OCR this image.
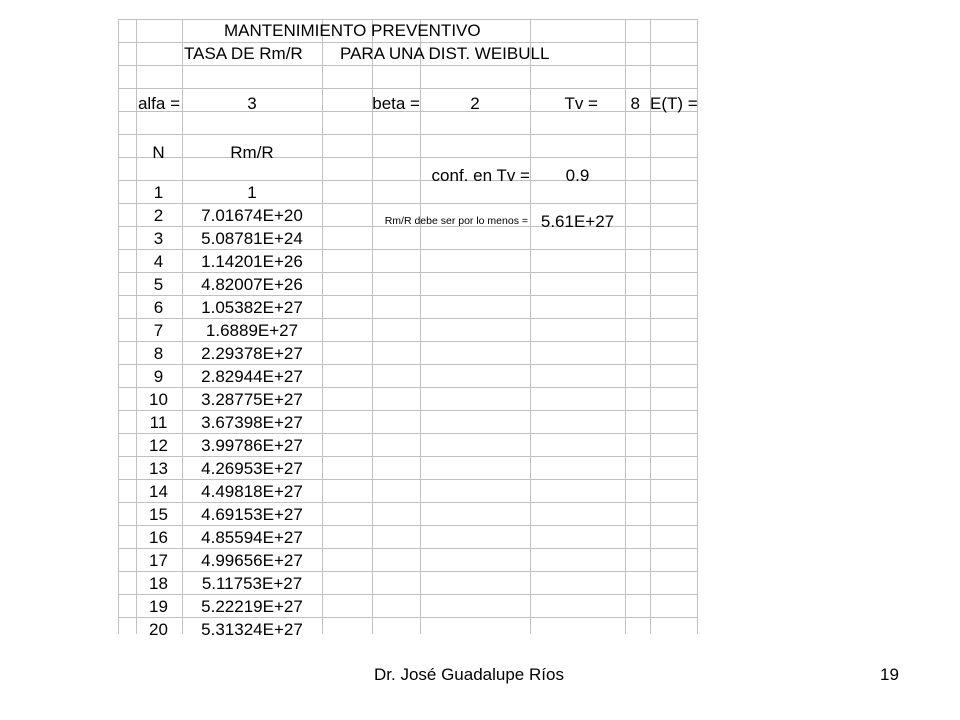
MANTENIMIENTO PREVENTIVO
TASA DE Rm/R	PARA UNA DIST. WEIBULL
alfa =	3	beta =	2	Tv =	8 E(T) =
N	Rm/R
conf. en Tv =	0.9
Rm/R debe ser por lo menos = 5.61E+27
1	1
2	7.01674E+20
3	5.08781E+24
4	1.14201E+26
5	4.82007E+26
6	1.05382E+27
7	1.6889E+27
8	2.29378E+27
9	2.82944E+27
10	3.28775E+27
11	3.67398E+27
12	3.99786E+27
13	4.26953E+27
14	4.49818E+27
15	4.69153E+27
16	4.85594E+27
17	4.99656E+27
18	5.11753E+27
19	5.22219E+27
20	5.31324E+27
Dr. José Guadalupe Ríos	19
